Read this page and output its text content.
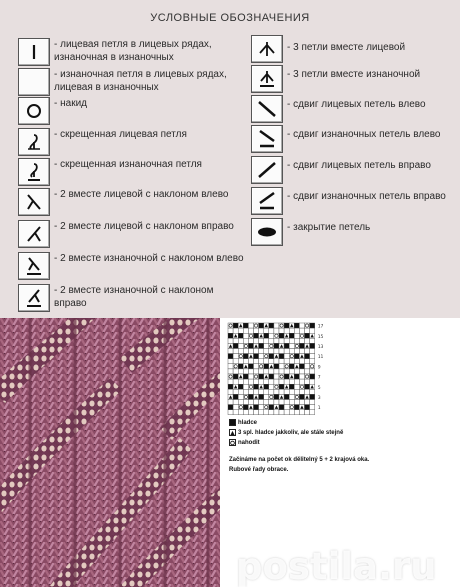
УСЛОВНЫЕ ОБОЗНАЧЕНИЯ
- лицевая петля в лицевых рядах, изнаночная в изнаночных
- изнаночная петля в лицевых рядах, лицевая в изнаночных
- накид
- скрещенная лицевая петля
- скрещенная изнаночная петля
- 2 вместе лицевой с наклоном влево
- 2 вместе лицевой с наклоном вправо
- 2 вместе изнаночной с наклоном влево
- 2 вместе изнаночной с наклоном вправо
- 3 петли вместе лицевой
- 3 петли вместе изнаночной
- сдвиг лицевых петель влево
- сдвиг изнаночных петель влево
- сдвиг лицевых петель вправо
- сдвиг изнаночных петель вправо
- закрытие петель
17
15
13
11
9
7
5
3
1
hladce
3 spl. hladce jakkoliv, ale stále stejně
nahodit
Začínáme na počet ok dělitelný 5 + 2 krajová oka.
Rubové řady obrace.
postila.ru
